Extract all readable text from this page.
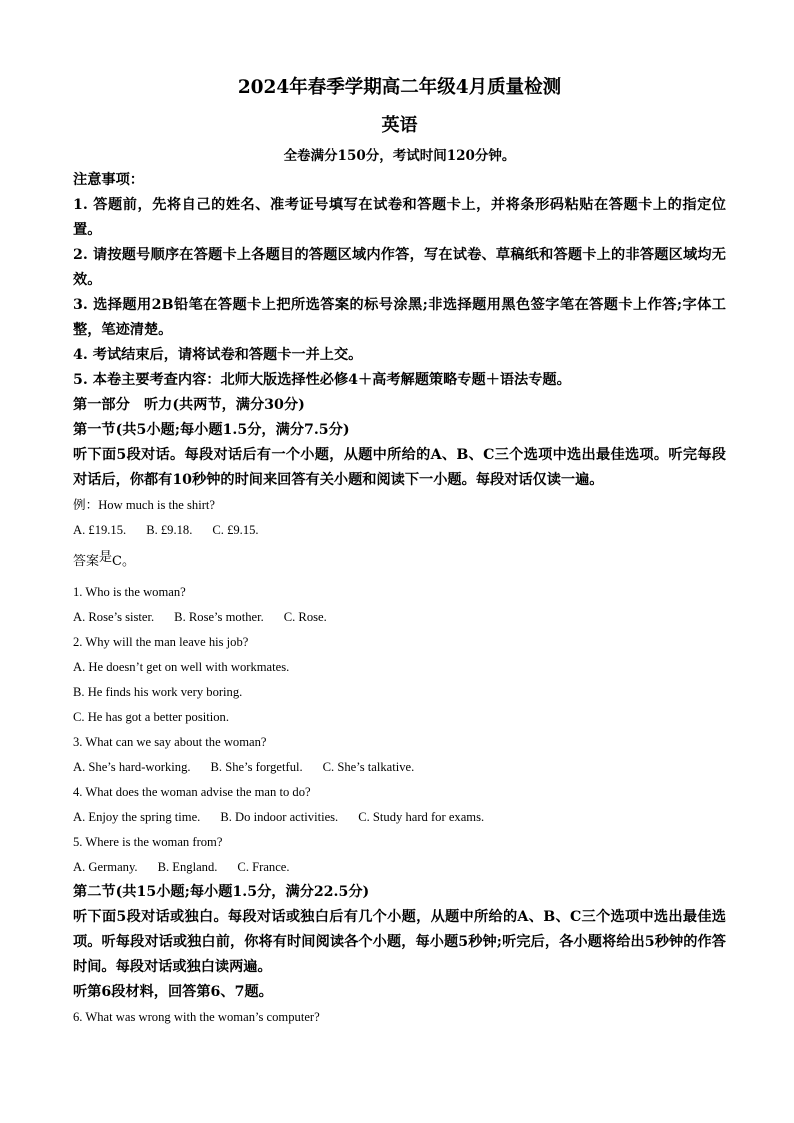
2024年春季学期高二年级4月质量检测

英语

全卷满分150分，考试时间120分钟。

注意事项：

1. 答题前，先将自己的姓名、准考证号填写在试卷和答题卡上，并将条形码粘贴在答题卡上的指定位置。

2. 请按题号顺序在答题卡上各题目的答题区域内作答，写在试卷、草稿纸和答题卡上的非答题区域均无效。

3. 选择题用2B铅笔在答题卡上把所选答案的标号涂黑;非选择题用黑色签字笔在答题卡上作答;字体工整，笔迹清楚。

4. 考试结束后，请将试卷和答题卡一并上交。

5. 本卷主要考查内容：北师大版选择性必修4＋高考解题策略专题＋语法专题。

第一部分　听力(共两节，满分30分)

第一节(共5小题;每小题1.5分，满分7.5分)

听下面5段对话。每段对话后有一个小题，从题中所给的A、B、C三个选项中选出最佳选项。听完每段对话后，你都有10秒钟的时间来回答有关小题和阅读下一小题。每段对话仅读一遍。

例：How much is the shirt?

A. £19.15. B. £9.18. C. £9.15.

答案是C。

1. Who is the woman?

A. Rose’s sister. B. Rose’s mother. C. Rose.

2. Why will the man leave his job?

A. He doesn’t get on well with workmates.

B. He finds his work very boring.

C. He has got a better position.

3. What can we say about the woman?

A. She’s hard-working. B. She’s forgetful. C. She’s talkative.

4. What does the woman advise the man to do?

A. Enjoy the spring time. B. Do indoor activities. C. Study hard for exams.

5. Where is the woman from?

A. Germany. B. England. C. France.

第二节(共15小题;每小题1.5分，满分22.5分)

听下面5段对话或独白。每段对话或独白后有几个小题，从题中所给的A、B、C三个选项中选出最佳选项。听每段对话或独白前，你将有时间阅读各个小题，每小题5秒钟;听完后，各小题将给出5秒钟的作答时间。每段对话或独白读两遍。

听第6段材料，回答第6、7题。

6. What was wrong with the woman’s computer?
